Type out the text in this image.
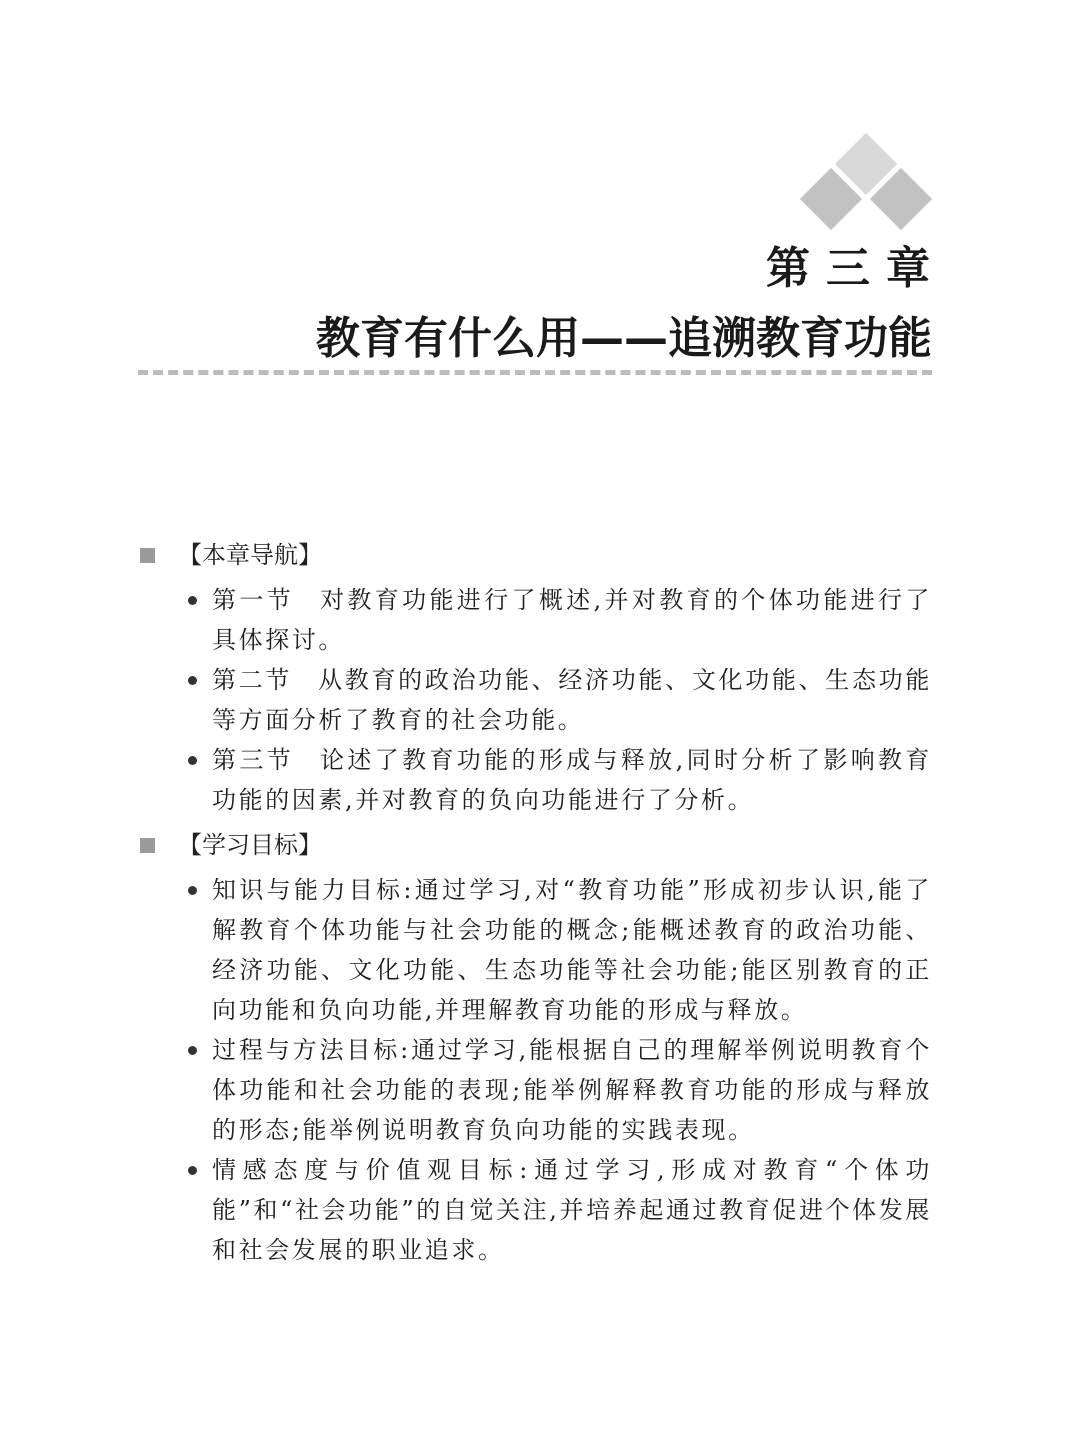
第三章
教育有什么用——追溯教育功能
【本章导航】
第一节 对教育功能进行了概述,并对教育的个体功能进行了具体探讨。
第二节 从教育的政治功能、经济功能、文化功能、生态功能等方面分析了教育的社会功能。
第三节 论述了教育功能的形成与释放,同时分析了影响教育功能的因素,并对教育的负向功能进行了分析。
【学习目标】
知识与能力目标:通过学习,对“教育功能”形成初步认识,能了解教育个体功能与社会功能的概念;能概述教育的政治功能、经济功能、文化功能、生态功能等社会功能;能区别教育的正向功能和负向功能,并理解教育功能的形成与释放。
过程与方法目标:通过学习,能根据自己的理解举例说明教育个体功能和社会功能的表现;能举例解释教育功能的形成与释放的形态;能举例说明教育负向功能的实践表现。
情感态度与价值观目标:通过学习,形成对教育“个体功能”和“社会功能”的自觉关注,并培养起通过教育促进个体发展和社会发展的职业追求。
